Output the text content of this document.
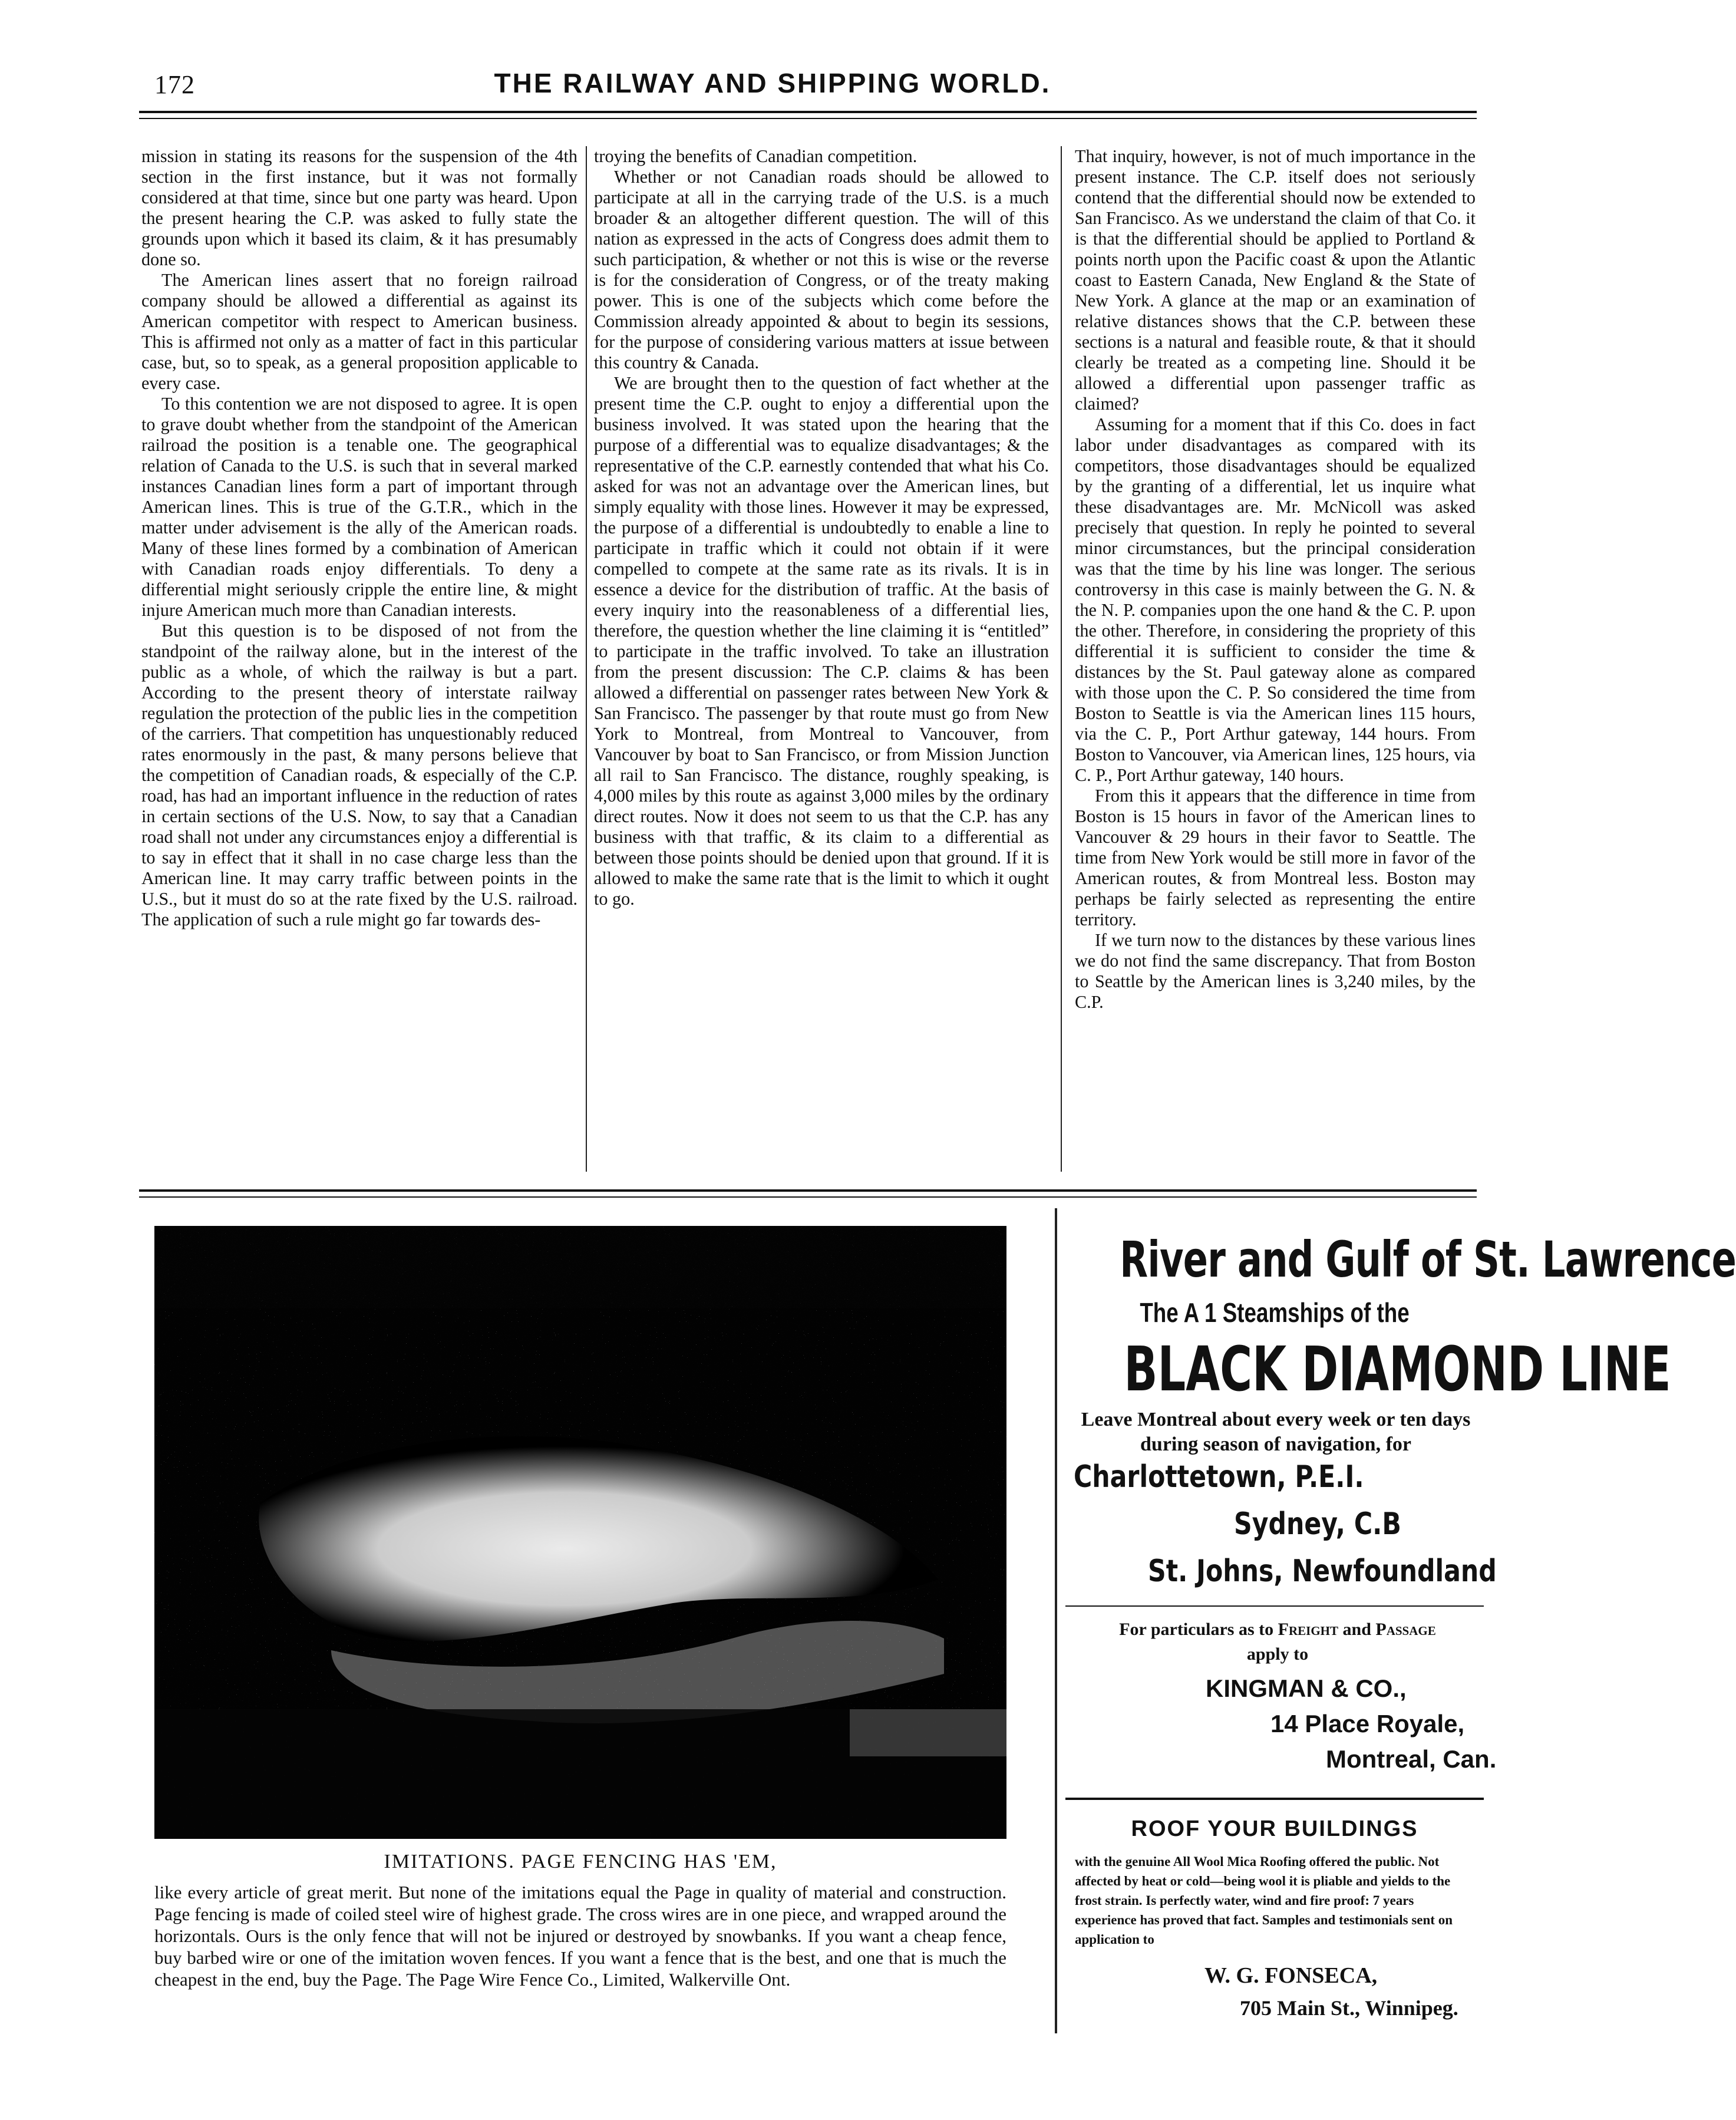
172	THE RAILWAY AND SHIPPING WORLD.

mission in stating its reasons for the suspension of the 4th section in the first instance, but it was not formally considered at that time, since but one party was heard. Upon the present hearing the C.P. was asked to fully state the grounds upon which it based its claim, & it has presumably done so.

The American lines assert that no foreign railroad company should be allowed a differential as against its American competitor with respect to American business. This is affirmed not only as a matter of fact in this particular case, but, so to speak, as a general proposition applicable to every case.

To this contention we are not disposed to agree. It is open to grave doubt whether from the standpoint of the American railroad the position is a tenable one. The geographical relation of Canada to the U.S. is such that in several marked instances Canadian lines form a part of important through American lines. This is true of the G.T.R., which in the matter under advisement is the ally of the American roads. Many of these lines formed by a combination of American with Canadian roads enjoy differentials. To deny a differential might seriously cripple the entire line, & might injure American much more than Canadian interests.

But this question is to be disposed of not from the standpoint of the railway alone, but in the interest of the public as a whole, of which the railway is but a part. According to the present theory of interstate railway regulation the protection of the public lies in the competition of the carriers. That competition has unquestionably reduced rates enormously in the past, & many persons believe that the competition of Canadian roads, & especially of the C.P. road, has had an important influence in the reduction of rates in certain sections of the U.S. Now, to say that a Canadian road shall not under any circumstances enjoy a differential is to say in effect that it shall in no case charge less than the American line. It may carry traffic between points in the U.S., but it must do so at the rate fixed by the U.S. railroad. The application of such a rule might go far towards des-

troying the benefits of Canadian competition.

Whether or not Canadian roads should be allowed to participate at all in the carrying trade of the U.S. is a much broader & an altogether different question. The will of this nation as expressed in the acts of Congress does admit them to such participation, & whether or not this is wise or the reverse is for the consideration of Congress, or of the treaty making power. This is one of the subjects which come before the Commission already appointed & about to begin its sessions, for the purpose of considering various matters at issue between this country & Canada.

We are brought then to the question of fact whether at the present time the C.P. ought to enjoy a differential upon the business involved. It was stated upon the hearing that the purpose of a differential was to equalize disadvantages; & the representative of the C.P. earnestly contended that what his Co. asked for was not an advantage over the American lines, but simply equality with those lines. However it may be expressed, the purpose of a differential is undoubtedly to enable a line to participate in traffic which it could not obtain if it were compelled to compete at the same rate as its rivals. It is in essence a device for the distribution of traffic. At the basis of every inquiry into the reasonableness of a differential lies, therefore, the question whether the line claiming it is “entitled” to participate in the traffic involved. To take an illustration from the present discussion: The C.P. claims & has been allowed a differential on passenger rates between New York & San Francisco. The passenger by that route must go from New York to Montreal, from Montreal to Vancouver, from Vancouver by boat to San Francisco, or from Mission Junction all rail to San Francisco. The distance, roughly speaking, is 4,000 miles by this route as against 3,000 miles by the ordinary direct routes. Now it does not seem to us that the C.P. has any business with that traffic, & its claim to a differential as between those points should be denied upon that ground. If it is allowed to make the same rate that is the limit to which it ought to go.

That inquiry, however, is not of much importance in the present instance. The C.P. itself does not seriously contend that the differential should now be extended to San Francisco. As we understand the claim of that Co. it is that the differential should be applied to Portland & points north upon the Pacific coast & upon the Atlantic coast to Eastern Canada, New England & the State of New York. A glance at the map or an examination of relative distances shows that the C.P. between these sections is a natural and feasible route, & that it should clearly be treated as a competing line. Should it be allowed a differential upon passenger traffic as claimed?

Assuming for a moment that if this Co. does in fact labor under disadvantages as compared with its competitors, those disadvantages should be equalized by the granting of a differential, let us inquire what these disadvantages are. Mr. McNicoll was asked precisely that question. In reply he pointed to several minor circumstances, but the principal consideration was that the time by his line was longer. The serious controversy in this case is mainly between the G. N. & the N. P. companies upon the one hand & the C. P. upon the other. Therefore, in considering the propriety of this differential it is sufficient to consider the time & distances by the St. Paul gateway alone as compared with those upon the C. P. So considered the time from Boston to Seattle is via the American lines 115 hours, via the C. P., Port Arthur gateway, 144 hours. From Boston to Vancouver, via American lines, 125 hours, via C. P., Port Arthur gateway, 140 hours.

From this it appears that the difference in time from Boston is 15 hours in favor of the American lines to Vancouver & 29 hours in their favor to Seattle. The time from New York would be still more in favor of the American routes, & from Montreal less. Boston may perhaps be fairly selected as representing the entire territory.

If we turn now to the distances by these various lines we do not find the same discrepancy. That from Boston to Seattle by the American lines is 3,240 miles, by the C.P.

IMITATIONS. PAGE FENCING HAS 'EM,
like every article of great merit. But none of the imitations equal the Page in quality of material and construction. Page fencing is made of coiled steel wire of highest grade. The cross wires are in one piece, and wrapped around the horizontals. Ours is the only fence that will not be injured or destroyed by snowbanks. If you want a cheap fence, buy barbed wire or one of the imitation woven fences. If you want a fence that is the best, and one that is much the cheapest in the end, buy the Page. The Page Wire Fence Co., Limited, Walkerville Ont.
River and Gulf of St. Lawrence
The A 1 Steamships of the
BLACK DIAMOND LINE
Leave Montreal about every week or ten days during season of navigation, for
Charlottetown, P.E.I.
Sydney, C.B
St. Johns, Newfoundland
For particulars as to Freight and Passage
apply to
KINGMAN & CO.,
14 Place Royale,
Montreal, Can.
ROOF YOUR BUILDINGS
with the genuine All Wool Mica Roofing offered the public. Not affected by heat or cold—being wool it is pliable and yields to the frost strain. Is perfectly water, wind and fire proof: 7 years experience has proved that fact. Samples and testimonials sent on application to
W. G. FONSECA,
705 Main St., Winnipeg.
